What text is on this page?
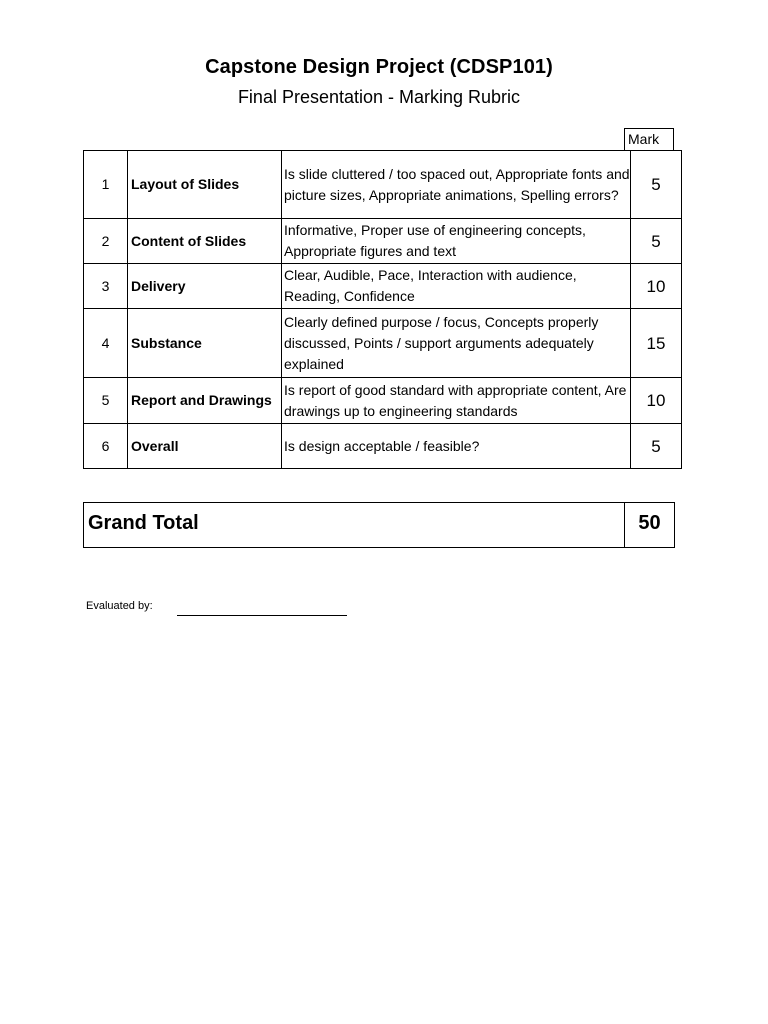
Capstone Design Project (CDSP101)
Final Presentation - Marking Rubric
Mark
1	Layout of Slides	Is slide cluttered / too spaced out, Appropriate fonts and picture sizes, Appropriate animations, Spelling errors?	5
2	Content of Slides	Informative, Proper use of engineering concepts, Appropriate figures and text	5
3	Delivery	Clear, Audible, Pace, Interaction with audience, Reading, Confidence	10
4	Substance	Clearly defined purpose / focus, Concepts properly discussed, Points / support arguments adequately explained	15
5	Report and Drawings	Is report of good standard with appropriate content, Are drawings up to engineering standards	10
6	Overall	Is design acceptable / feasible?	5
Grand Total	50
Evaluated by:
